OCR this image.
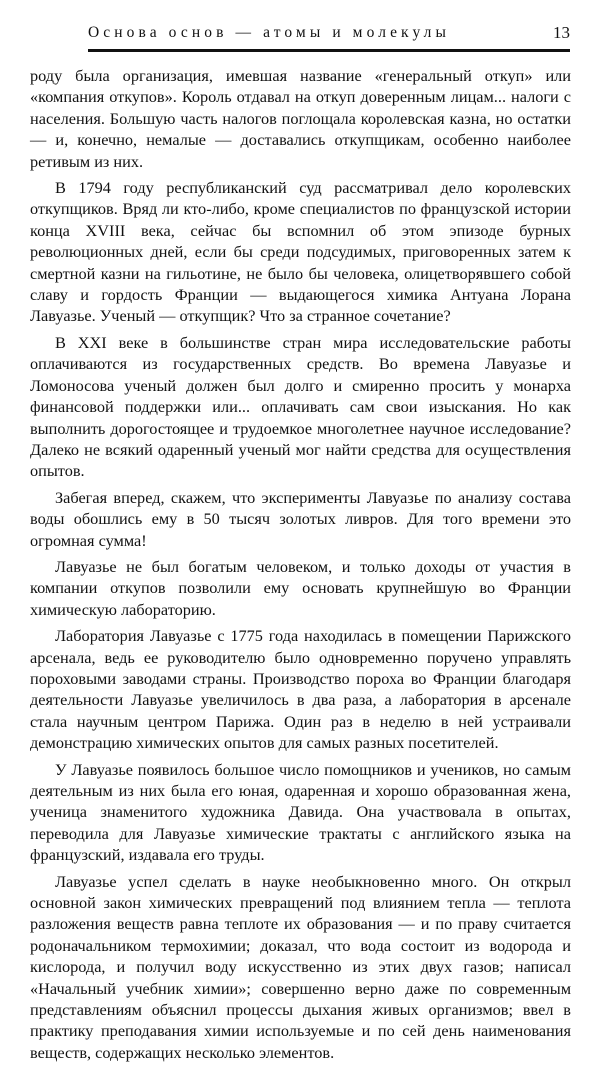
Основа основ — атомы и молекулы	13

роду была организация, имевшая название «генеральный откуп» или «компания откупов». Король отдавал на откуп доверенным лицам... налоги с населения. Большую часть налогов поглощала королевская казна, но остатки — и, конечно, немалые — доставались откупщикам, особенно наиболее ретивым из них.

В 1794 году республиканский суд рассматривал дело королевских откупщиков. Вряд ли кто-либо, кроме специалистов по французской истории конца XVIII века, сейчас бы вспомнил об этом эпизоде бурных революционных дней, если бы среди подсудимых, приговоренных затем к смертной казни на гильотине, не было бы человека, олицетворявшего собой славу и гордость Франции — выдающегося химика Антуана Лорана Лавуазье. Ученый — откупщик? Что за странное сочетание?

В XXI веке в большинстве стран мира исследовательские работы оплачиваются из государственных средств. Во времена Лавуазье и Ломоносова ученый должен был долго и смиренно просить у монарха финансовой поддержки или... оплачивать сам свои изыскания. Но как выполнить дорогостоящее и трудоемкое многолетнее научное исследование? Далеко не всякий одаренный ученый мог найти средства для осуществления опытов.

Забегая вперед, скажем, что эксперименты Лавуазье по анализу состава воды обошлись ему в 50 тысяч золотых ливров. Для того времени это огромная сумма!

Лавуазье не был богатым человеком, и только доходы от участия в компании откупов позволили ему основать крупнейшую во Франции химическую лабораторию.

Лаборатория Лавуазье с 1775 года находилась в помещении Парижского арсенала, ведь ее руководителю было одновременно поручено управлять пороховыми заводами страны. Производство пороха во Франции благодаря деятельности Лавуазье увеличилось в два раза, а лаборатория в арсенале стала научным центром Парижа. Один раз в неделю в ней устраивали демонстрацию химических опытов для самых разных посетителей.

У Лавуазье появилось большое число помощников и учеников, но самым деятельным из них была его юная, одаренная и хорошо образованная жена, ученица знаменитого художника Давида. Она участвовала в опытах, переводила для Лавуазье химические трактаты с английского языка на французский, издавала его труды.

Лавуазье успел сделать в науке необыкновенно много. Он открыл основной закон химических превращений под влиянием тепла — теплота разложения веществ равна теплоте их образования — и по праву считается родоначальником термохимии; доказал, что вода состоит из водорода и кислорода, и получил воду искусственно из этих двух газов; написал «Начальный учебник химии»; совершенно верно даже по современным представлениям объяснил процессы дыхания живых организмов; ввел в практику преподавания химии используемые и по сей день наименования веществ, содержащих несколько элементов.
